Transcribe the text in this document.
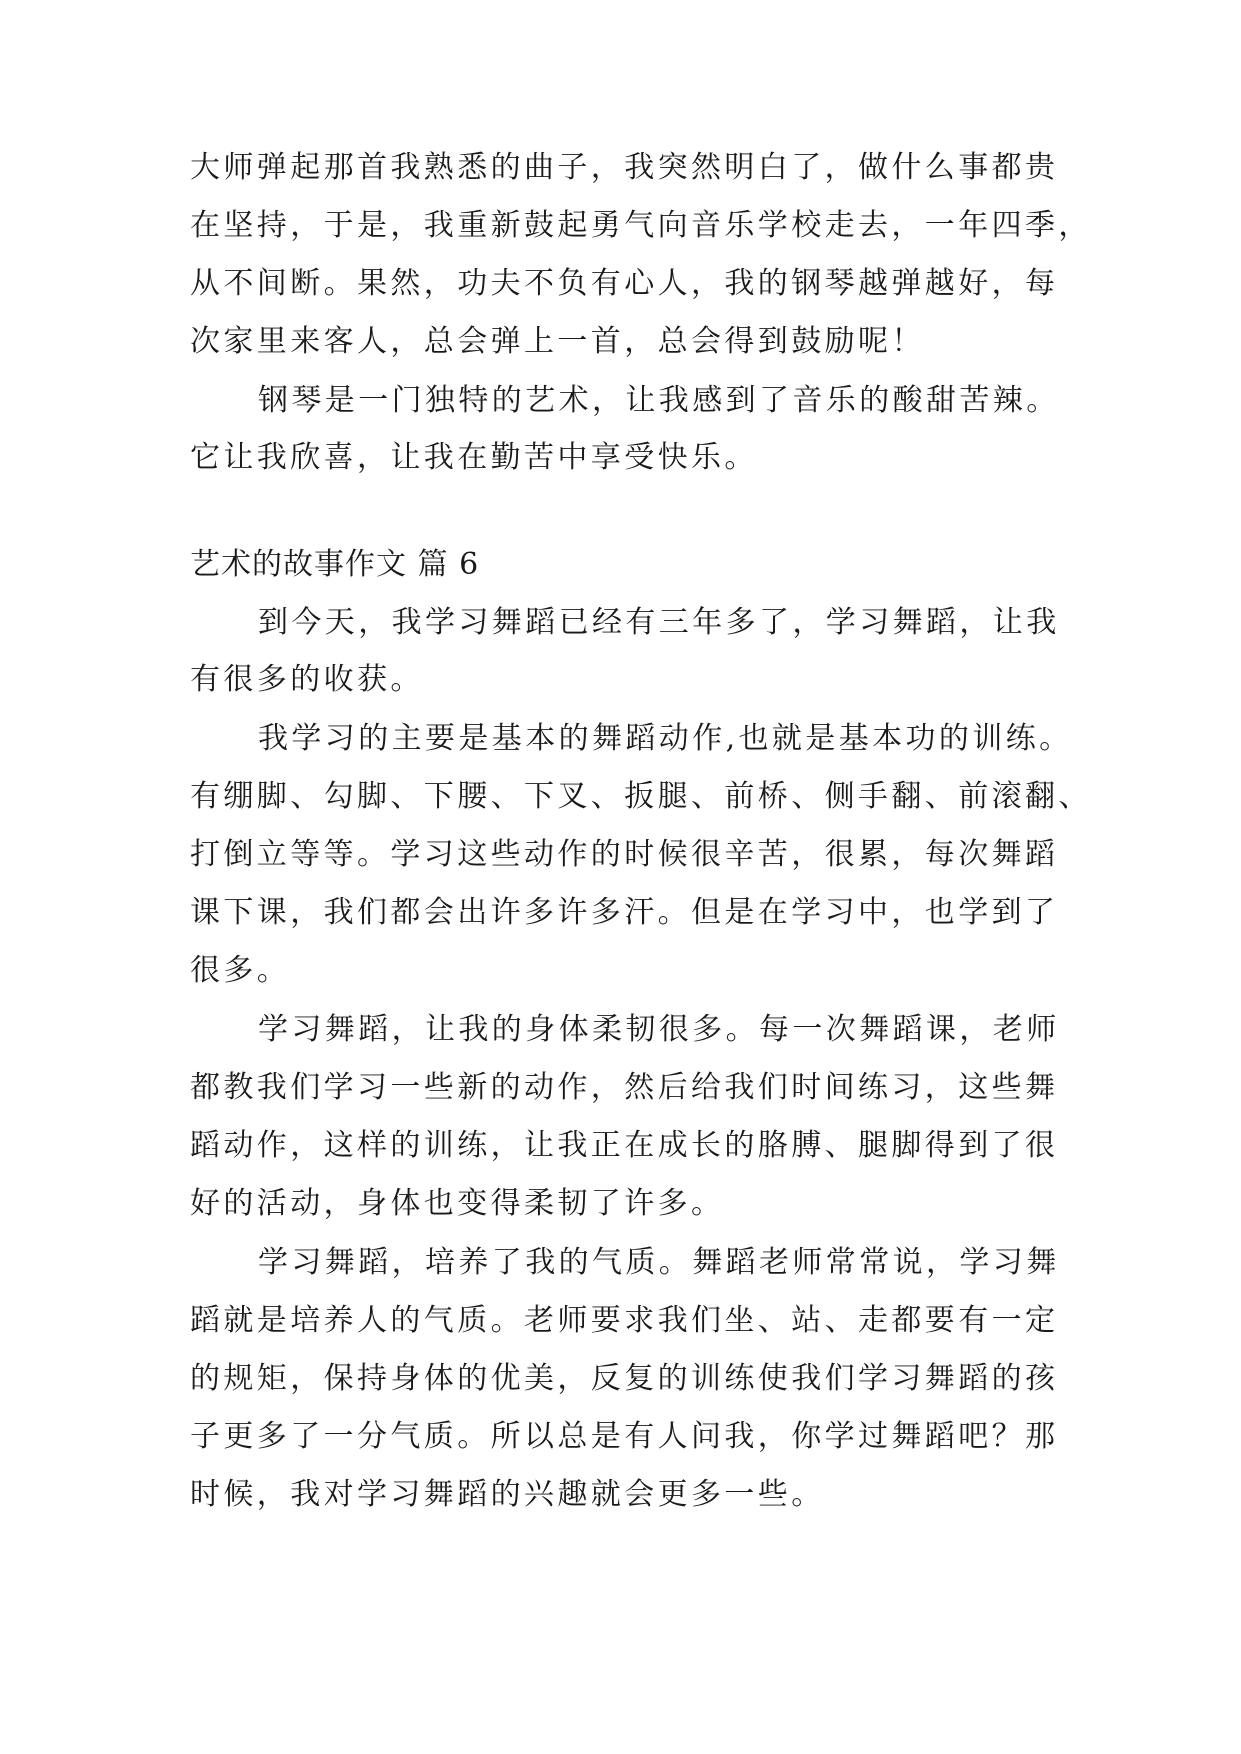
大师弹起那首我熟悉的曲子，我突然明白了，做什么事都贵
在坚持，于是，我重新鼓起勇气向音乐学校走去，一年四季，
从不间断。果然，功夫不负有心人，我的钢琴越弹越好，每
次家里来客人，总会弹上一首，总会得到鼓励呢！
钢琴是一门独特的艺术，让我感到了音乐的酸甜苦辣。
它让我欣喜，让我在勤苦中享受快乐。
艺术的故事作文 篇 6
到今天，我学习舞蹈已经有三年多了，学习舞蹈，让我
有很多的收获。
我学习的主要是基本的舞蹈动作,也就是基本功的训练。
有绷脚、勾脚、下腰、下叉、扳腿、前桥、侧手翻、前滚翻、
打倒立等等。学习这些动作的时候很辛苦，很累，每次舞蹈
课下课，我们都会出许多许多汗。但是在学习中，也学到了
很多。
学习舞蹈，让我的身体柔韧很多。每一次舞蹈课，老师
都教我们学习一些新的动作，然后给我们时间练习，这些舞
蹈动作，这样的训练，让我正在成长的胳膊、腿脚得到了很
好的活动，身体也变得柔韧了许多。
学习舞蹈，培养了我的气质。舞蹈老师常常说，学习舞
蹈就是培养人的气质。老师要求我们坐、站、走都要有一定
的规矩，保持身体的优美，反复的训练使我们学习舞蹈的孩
子更多了一分气质。所以总是有人问我，你学过舞蹈吧？那
时候，我对学习舞蹈的兴趣就会更多一些。
